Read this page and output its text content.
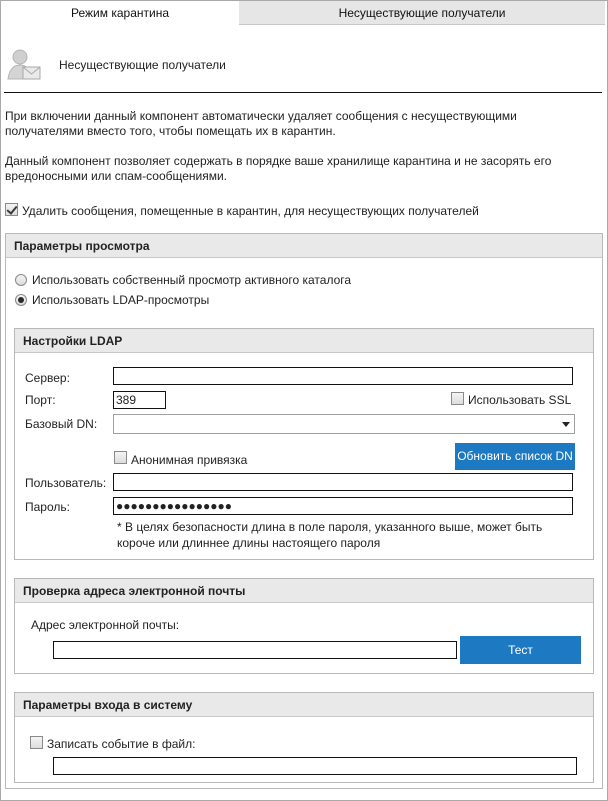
Режим карантина	Несуществующие получатели
Несуществующие получатели
При включении данный компонент автоматически удаляет сообщения с несуществующими
получателями вместо того, чтобы помещать их в карантин.
Данный компонент позволяет содержать в порядке ваше хранилище карантина и не засорять его
вредоносными или спам-сообщениями.
Удалить сообщения, помещенные в карантин, для несуществующих получателей
Параметры просмотра
Использовать собственный просмотр активного каталога
Использовать LDAP-просмотры
Настройки LDAP
Сервер:
Порт:	389	Использовать SSL
Базовый DN:
Анонимная привязка	Обновить список DN
Пользователь:
Пароль:	●●●●●●●●●●●●●●●●
* В целях безопасности длина в поле пароля, указанного выше, может быть
короче или длиннее длины настоящего пароля
Проверка адреса электронной почты
Адрес электронной почты:
Тест
Параметры входа в систему
Записать событие в файл:
